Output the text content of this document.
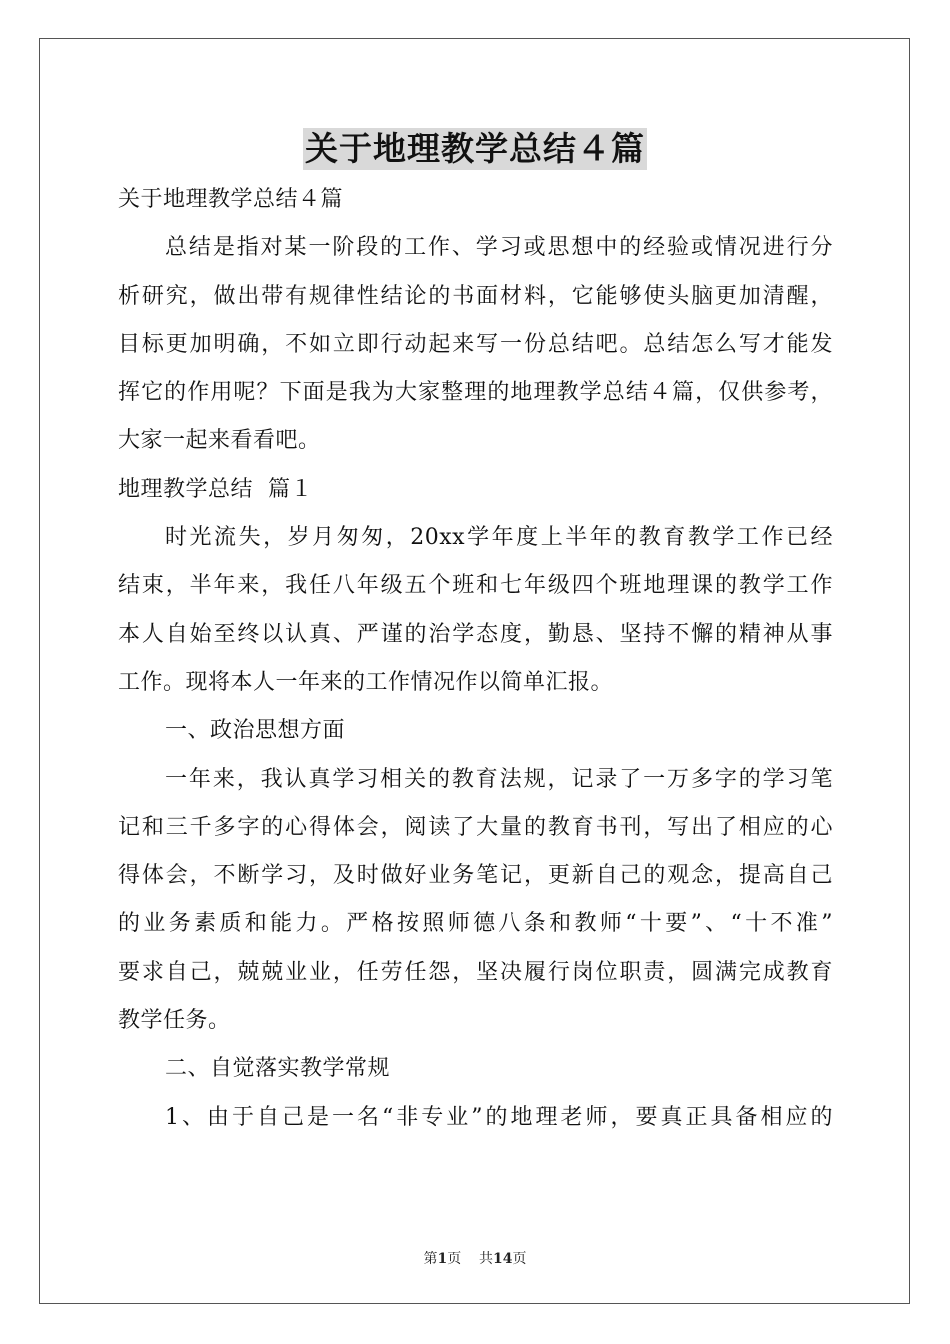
关于地理教学总结４篇
关于地理教学总结４篇
总结是指对某一阶段的工作、学习或思想中的经验或情况进行分
析研究，做出带有规律性结论的书面材料，它能够使头脑更加清醒，
目标更加明确，不如立即行动起来写一份总结吧。总结怎么写才能发
挥它的作用呢？下面是我为大家整理的地理教学总结４篇，仅供参考，
大家一起来看看吧。
地理教学总结  篇１
时光流失，岁月匆匆，20xx学年度上半年的教育教学工作已经
结束，半年来，我任八年级五个班和七年级四个班地理课的教学工作
本人自始至终以认真、严谨的治学态度，勤恳、坚持不懈的精神从事
工作。现将本人一年来的工作情况作以简单汇报。
一、政治思想方面
一年来，我认真学习相关的教育法规，记录了一万多字的学习笔
记和三千多字的心得体会，阅读了大量的教育书刊，写出了相应的心
得体会，不断学习，及时做好业务笔记，更新自己的观念，提高自己
的业务素质和能力。严格按照师德八条和教师“十要”、“十不准”
要求自己，兢兢业业，任劳任怨，坚决履行岗位职责，圆满完成教育
教学任务。
二、自觉落实教学常规
1、由于自己是一名“非专业”的地理老师，要真正具备相应的
第1页 共14页
